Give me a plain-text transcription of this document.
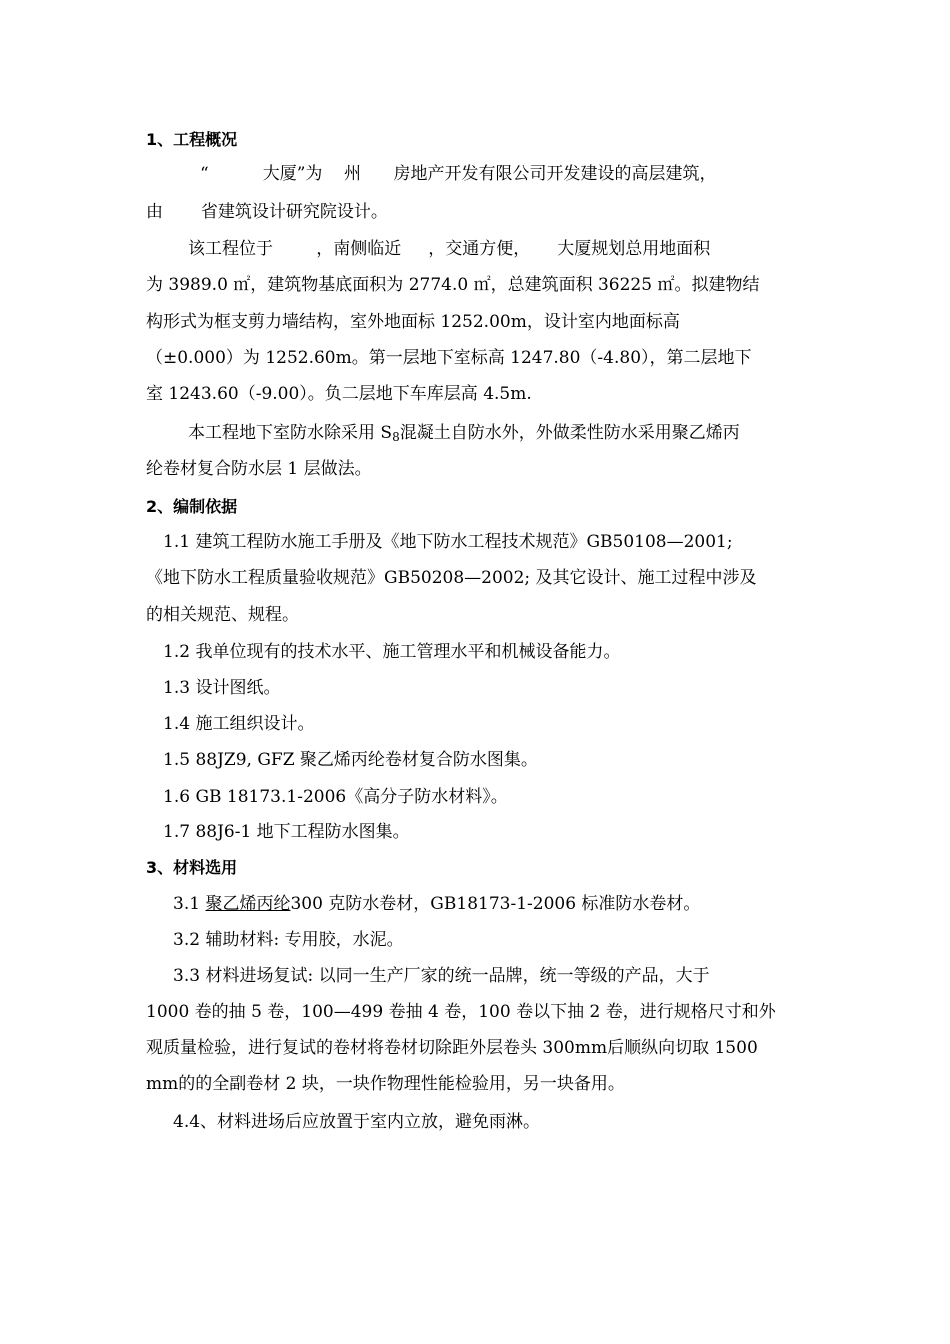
1、工程概况
“          大厦”为    州      房地产开发有限公司开发建设的高层建筑，
由       省建筑设计研究院设计。
该工程位于        ，南侧临近     ，交通方便，     大厦规划总用地面积
为 3989.0 ㎡，建筑物基底面积为 2774.0 ㎡，总建筑面积 36225 ㎡。拟建物结
构形式为框支剪力墙结构，室外地面标 1252.00m，设计室内地面标高
（±0.000）为 1252.60m。第一层地下室标高 1247.80（-4.80），第二层地下
室 1243.60（-9.00）。负二层地下车库层高 4.5m.
本工程地下室防水除采用 $S_8$混凝土自防水外，外做柔性防水采用聚乙烯丙
纶卷材复合防水层 1 层做法。
2、编制依据
1.1 建筑工程防水施工手册及《地下防水工程技术规范》GB50108—2001;
《地下防水工程质量验收规范》GB50208—2002; 及其它设计、施工过程中涉及
的相关规范、规程。
1.2 我单位现有的技术水平、施工管理水平和机械设备能力。
1.3 设计图纸。
1.4 施工组织设计。
1.5 88JZ9, GFZ 聚乙烯丙纶卷材复合防水图集。
1.6 GB 18173.1-2006《高分子防水材料》。
1.7 88J6-1 地下工程防水图集。
3、材料选用
3.1 聚乙烯丙纶300 克防水卷材，GB18173-1-2006 标准防水卷材。
3.2 辅助材料: 专用胶，水泥。
3.3 材料进场复试: 以同一生产厂家的统一品牌，统一等级的产品，大于
1000 卷的抽 5 卷，100—499 卷抽 4 卷，100 卷以下抽 2 卷，进行规格尺寸和外
观质量检验，进行复试的卷材将卷材切除距外层卷头 300mm后顺纵向切取 1500
mm的的全副卷材 2 块，一块作物理性能检验用，另一块备用。
4.4、材料进场后应放置于室内立放，避免雨淋。
